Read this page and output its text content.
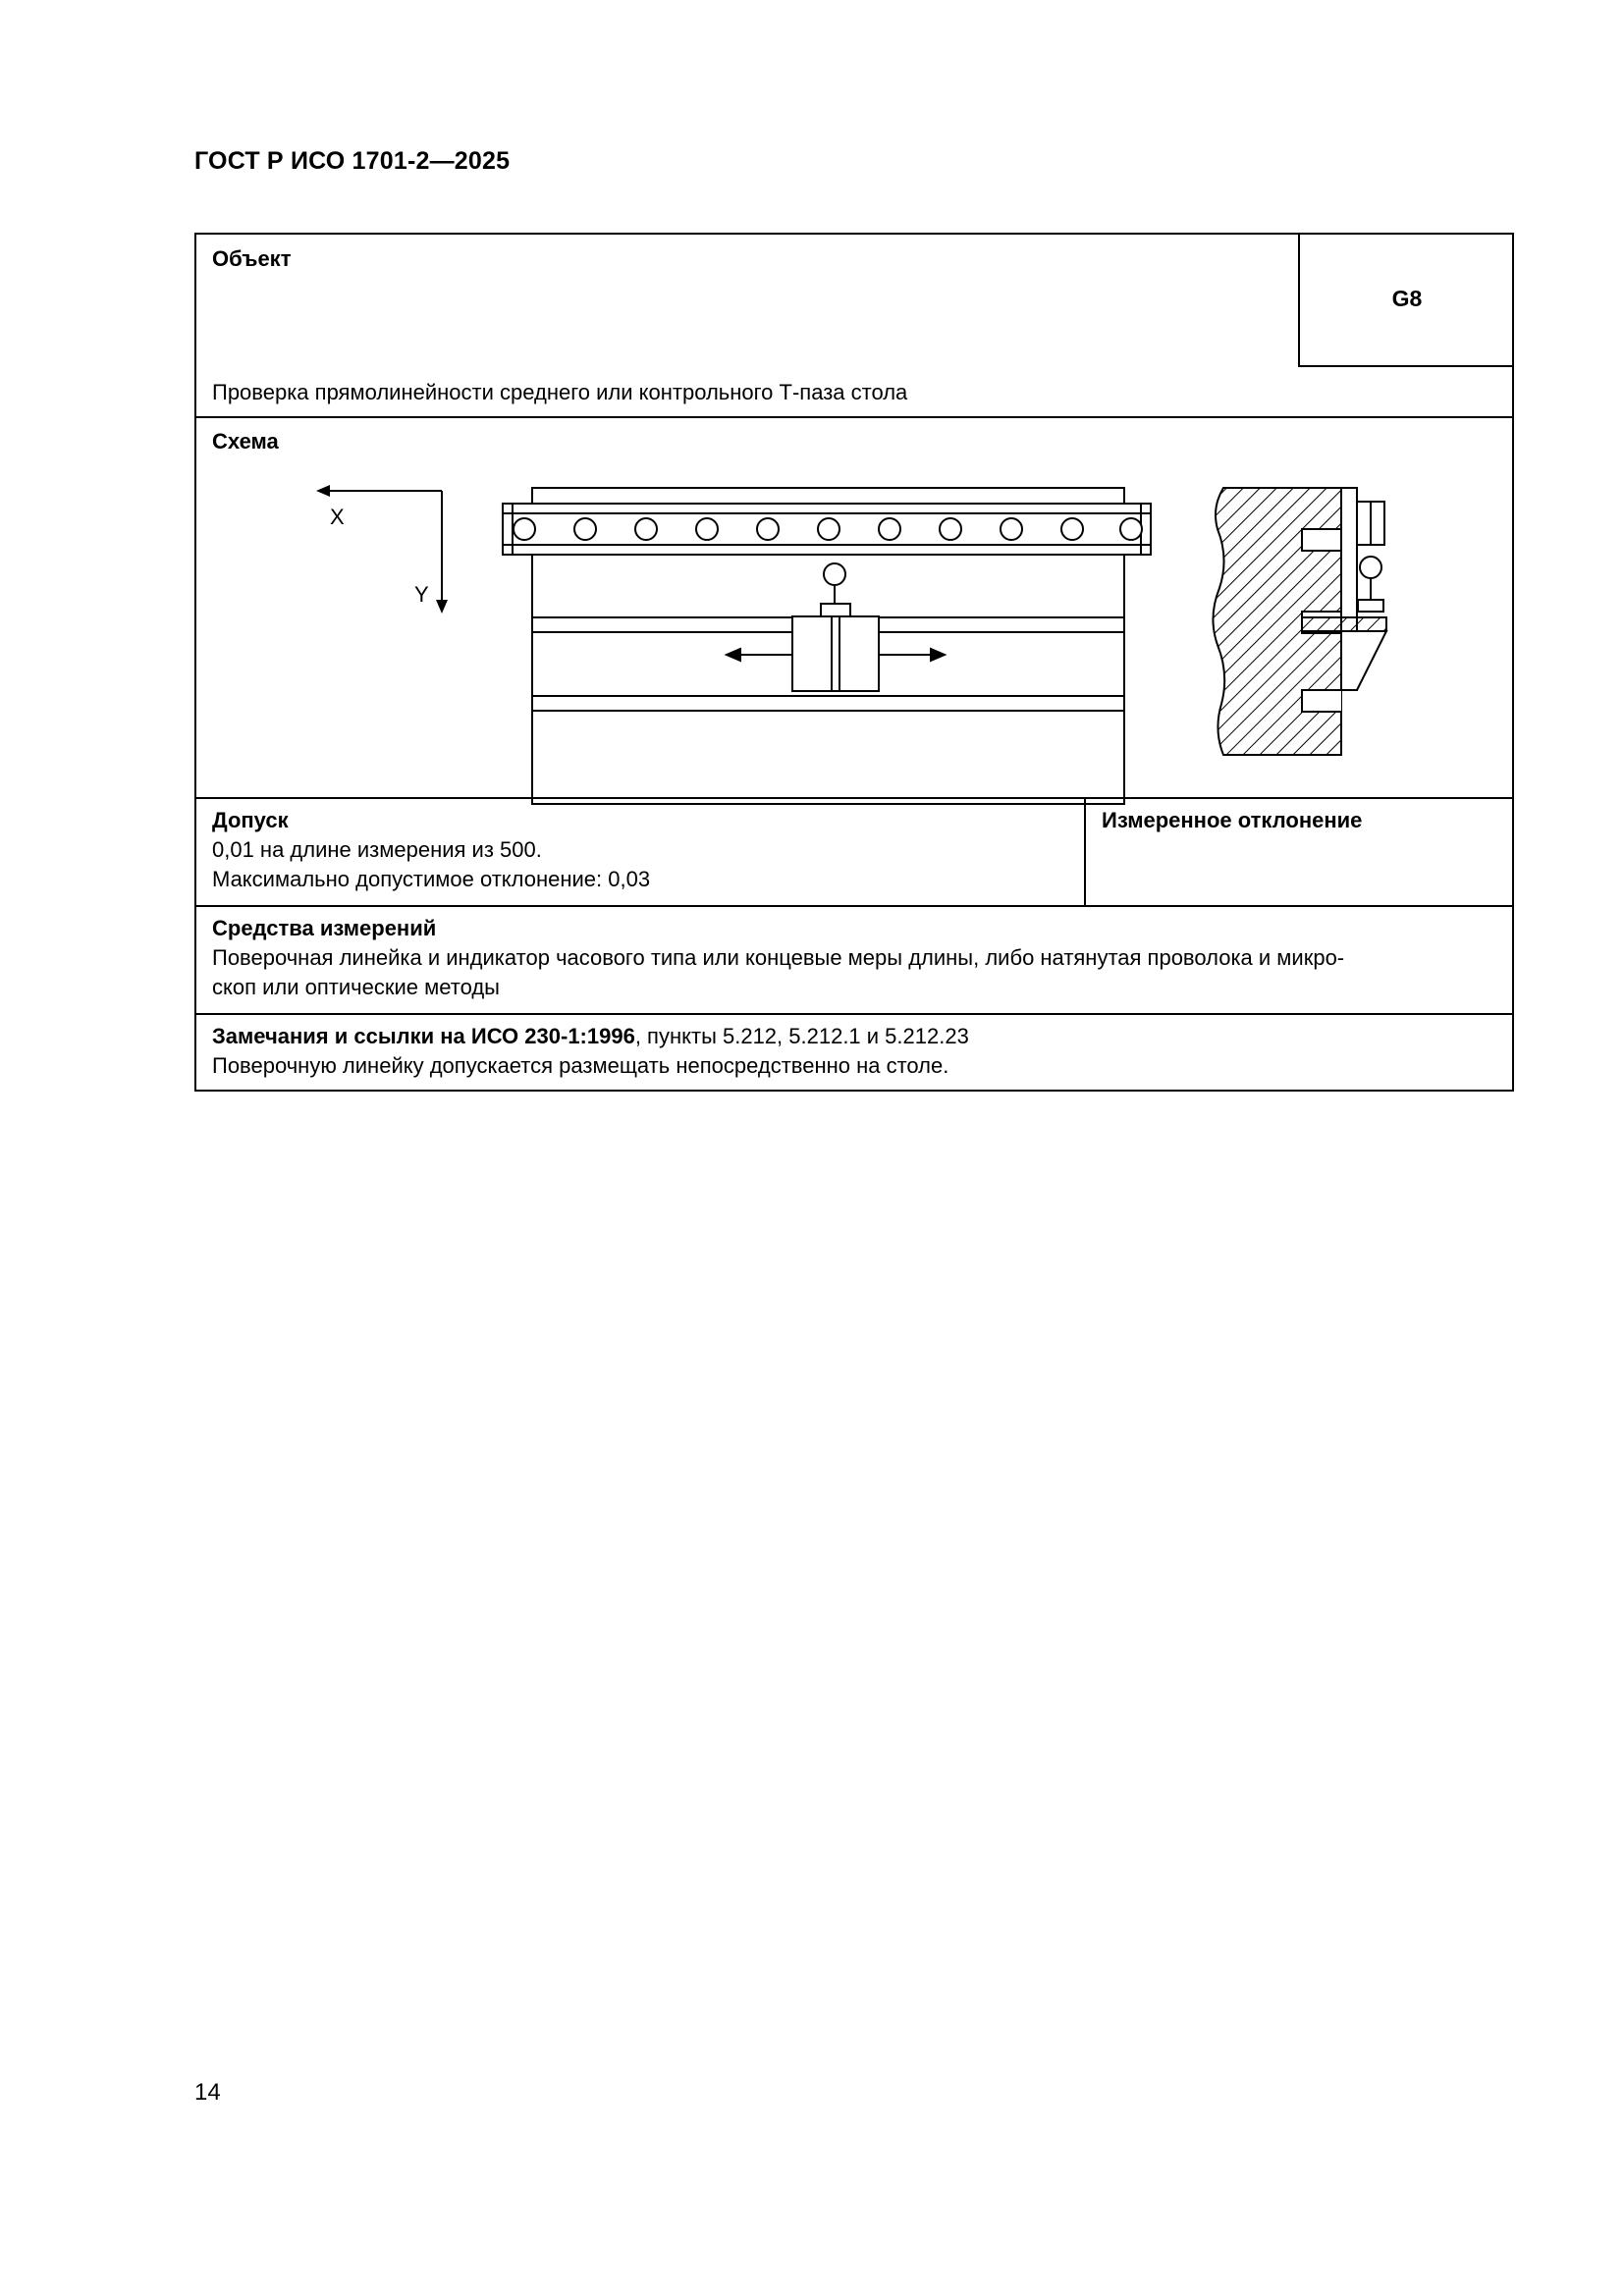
ГОСТ Р ИСО 1701-2—2025
Объект
G8
Проверка прямолинейности среднего или контрольного Т-паза стола
Схема
X
Y
Допуск
0,01 на длине измерения из 500.
Максимально допустимое отклонение: 0,03
Измеренное отклонение
Средства измерений
Поверочная линейка и индикатор часового типа или концевые меры длины, либо натянутая проволока и микро-
скоп или оптические методы
Замечания и ссылки на ИСО 230-1:1996, пункты 5.212, 5.212.1 и 5.212.23
Поверочную линейку допускается размещать непосредственно на столе.
14
